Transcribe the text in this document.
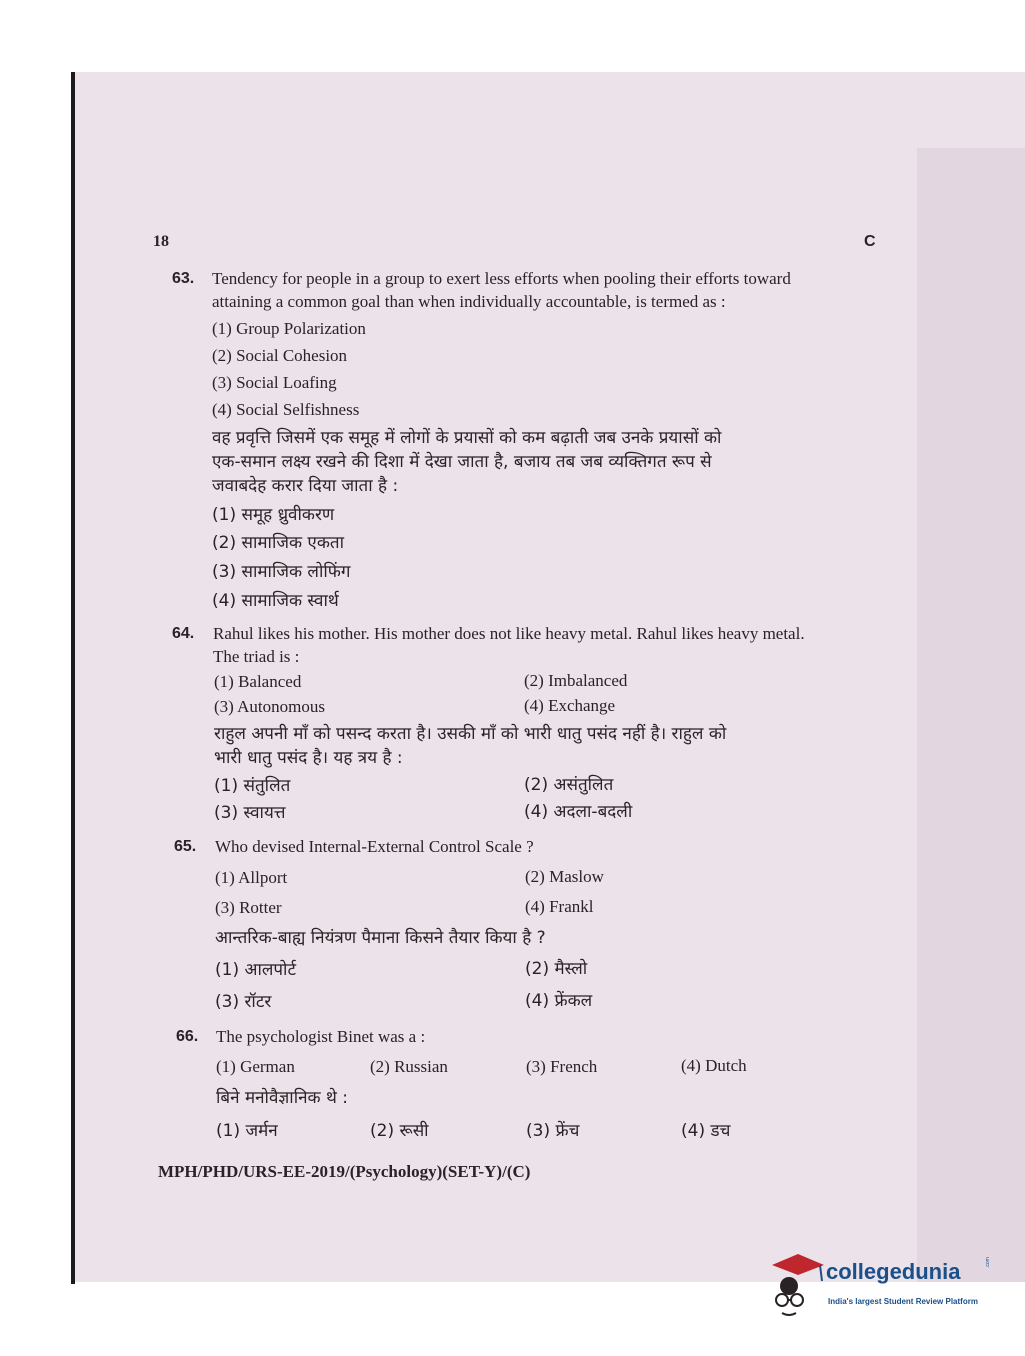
18	C
63. Tendency for people in a group to exert less efforts when pooling their efforts toward
attaining a common goal than when individually accountable, is termed as :
(1) Group Polarization
(2) Social Cohesion
(3) Social Loafing
(4) Social Selfishness
वह प्रवृत्ति जिसमें एक समूह में लोगों के प्रयासों को कम बढ़ाती जब उनके प्रयासों को
एक-समान लक्ष्य रखने की दिशा में देखा जाता है, बजाय तब जब व्यक्तिगत रूप से
जवाबदेह करार दिया जाता है :
(1) समूह ध्रुवीकरण
(2) सामाजिक एकता
(3) सामाजिक लोफिंग
(4) सामाजिक स्वार्थ
64. Rahul likes his mother. His mother does not like heavy metal. Rahul likes heavy metal.
The triad is :
(1) Balanced	(2) Imbalanced
(3) Autonomous	(4) Exchange
राहुल अपनी माँ को पसन्द करता है। उसकी माँ को भारी धातु पसंद नहीं है। राहुल को
भारी धातु पसंद है। यह त्रय है :
(1) संतुलित	(2) असंतुलित
(3) स्वायत्त	(4) अदला-बदली
65. Who devised Internal-External Control Scale ?
(1) Allport	(2) Maslow
(3) Rotter	(4) Frankl
आन्तरिक-बाह्य नियंत्रण पैमाना किसने तैयार किया है ?
(1) आलपोर्ट	(2) मैस्लो
(3) रॉटर	(4) फ्रेंकल
66. The psychologist Binet was a :
(1) German	(2) Russian	(3) French	(4) Dutch
बिने मनोवैज्ञानिक थे :
(1) जर्मन	(2) रूसी	(3) फ्रेंच	(4) डच
MPH/PHD/URS-EE-2019/(Psychology)(SET-Y)/(C)
collegedunia	.com
India's largest Student Review Platform
